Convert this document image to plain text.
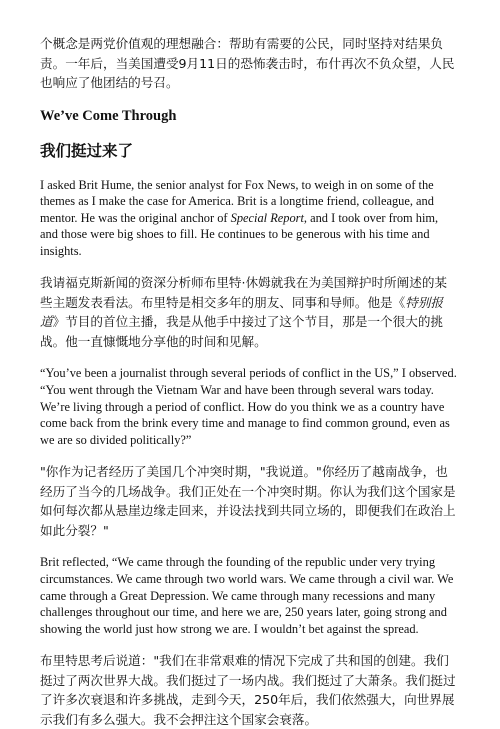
个概念是两党价值观的理想融合：帮助有需要的公民，同时坚持对结果负责。一年后，当美国遭受9月11日的恐怖袭击时，布什再次不负众望，人民也响应了他团结的号召。

We’ve Come Through
我们挺过来了

I asked Brit Hume, the senior analyst for Fox News, to weigh in on some of the themes as I make the case for America. Brit is a longtime friend, colleague, and mentor. He was the original anchor of Special Report, and I took over from him, and those were big shoes to fill. He continues to be generous with his time and insights.

我请福克斯新闻的资深分析师布里特·休姆就我在为美国辩护时所阐述的某些主题发表看法。布里特是相交多年的朋友、同事和导师。他是《特别报道》节目的首位主播，我是从他手中接过了这个节目，那是一个很大的挑战。他一直慷慨地分享他的时间和见解。

“You’ve been a journalist through several periods of conflict in the US,” I observed. “You went through the Vietnam War and have been through several wars today. We’re living through a period of conflict. How do you think we as a country have come back from the brink every time and manage to find common ground, even as we are so divided politically?”

"你作为记者经历了美国几个冲突时期，"我说道。"你经历了越南战争，也经历了当今的几场战争。我们正处在一个冲突时期。你认为我们这个国家是如何每次都从悬崖边缘走回来，并设法找到共同立场的，即便我们在政治上如此分裂？"

Brit reflected, “We came through the founding of the republic under very trying circumstances. We came through two world wars. We came through a civil war. We came through a Great Depression. We came through many recessions and many challenges throughout our time, and here we are, 250 years later, going strong and showing the world just how strong we are. I wouldn’t bet against the spread.

布里特思考后说道："我们在非常艰难的情况下完成了共和国的创建。我们挺过了两次世界大战。我们挺过了一场内战。我们挺过了大萧条。我们挺过了许多次衰退和许多挑战，走到今天，250年后，我们依然强大，向世界展示我们有多么强大。我不会押注这个国家会衰落。
